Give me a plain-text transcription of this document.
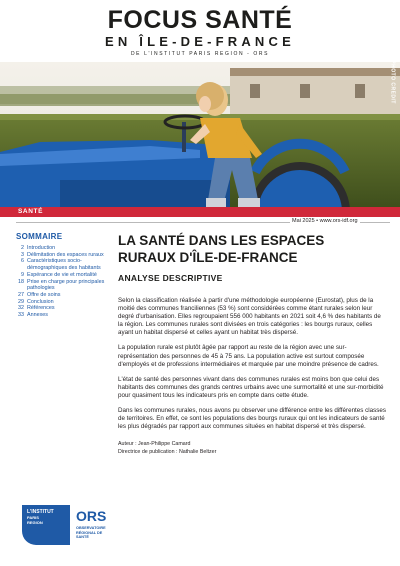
FOCUS SANTÉ
EN ÎLE-DE-FRANCE
DE L'INSTITUT PARIS REGION - ORS
PHOTO CREDIT
SANTÉ
Mai 2025 • www.ors-idf.org
SOMMAIRE
2 Introduction
3 Délimitation des espaces ruraux
6 Caractéristiques socio-démographiques des habitants
9 Espérance de vie et mortalité
18 Prise en charge pour principales pathologies
27 Offre de soins
29 Conclusion
32 Références
33 Annexes
LA SANTÉ DANS LES ESPACES RURAUX D'ÎLE-DE-FRANCE
ANALYSE DESCRIPTIVE

Selon la classification réalisée à partir d'une méthodologie européenne (Eurostat), plus de la moitié des communes franciliennes (53 %) sont considérées comme étant rurales selon leur degré d'urbanisation. Elles regroupaient 556 000 habitants en 2021 soit 4,6 % des habitants de la région. Les communes rurales sont divisées en trois catégories : les bourgs ruraux, celles ayant un habitat dispersé et celles ayant un habitat très dispersé.

La population rurale est plutôt âgée par rapport au reste de la région avec une sur-représentation des personnes de 45 à 75 ans. La population active est surtout composée d'employés et de professions intermédiaires et marquée par une moindre présence de cadres.

L'état de santé des personnes vivant dans des communes rurales est moins bon que celui des habitants des communes des grands centres urbains avec une surmortalité et une sur-morbidité pour quasiment tous les indicateurs pris en compte dans cette étude.

Dans les communes rurales, nous avons pu observer une différence entre les différentes classes de territoires. En effet, ce sont les populations des bourgs ruraux qui ont les indicateurs de santé les plus dégradés par rapport aux communes situées en habitat dispersé et très dispersé.

Auteur : Jean-Philippe Camard
Directrice de publication : Nathalie Beltzer
L'INSTITUT
PARIS
REGION	ORS
OBSERVATOIRE RÉGIONAL DE SANTÉ
